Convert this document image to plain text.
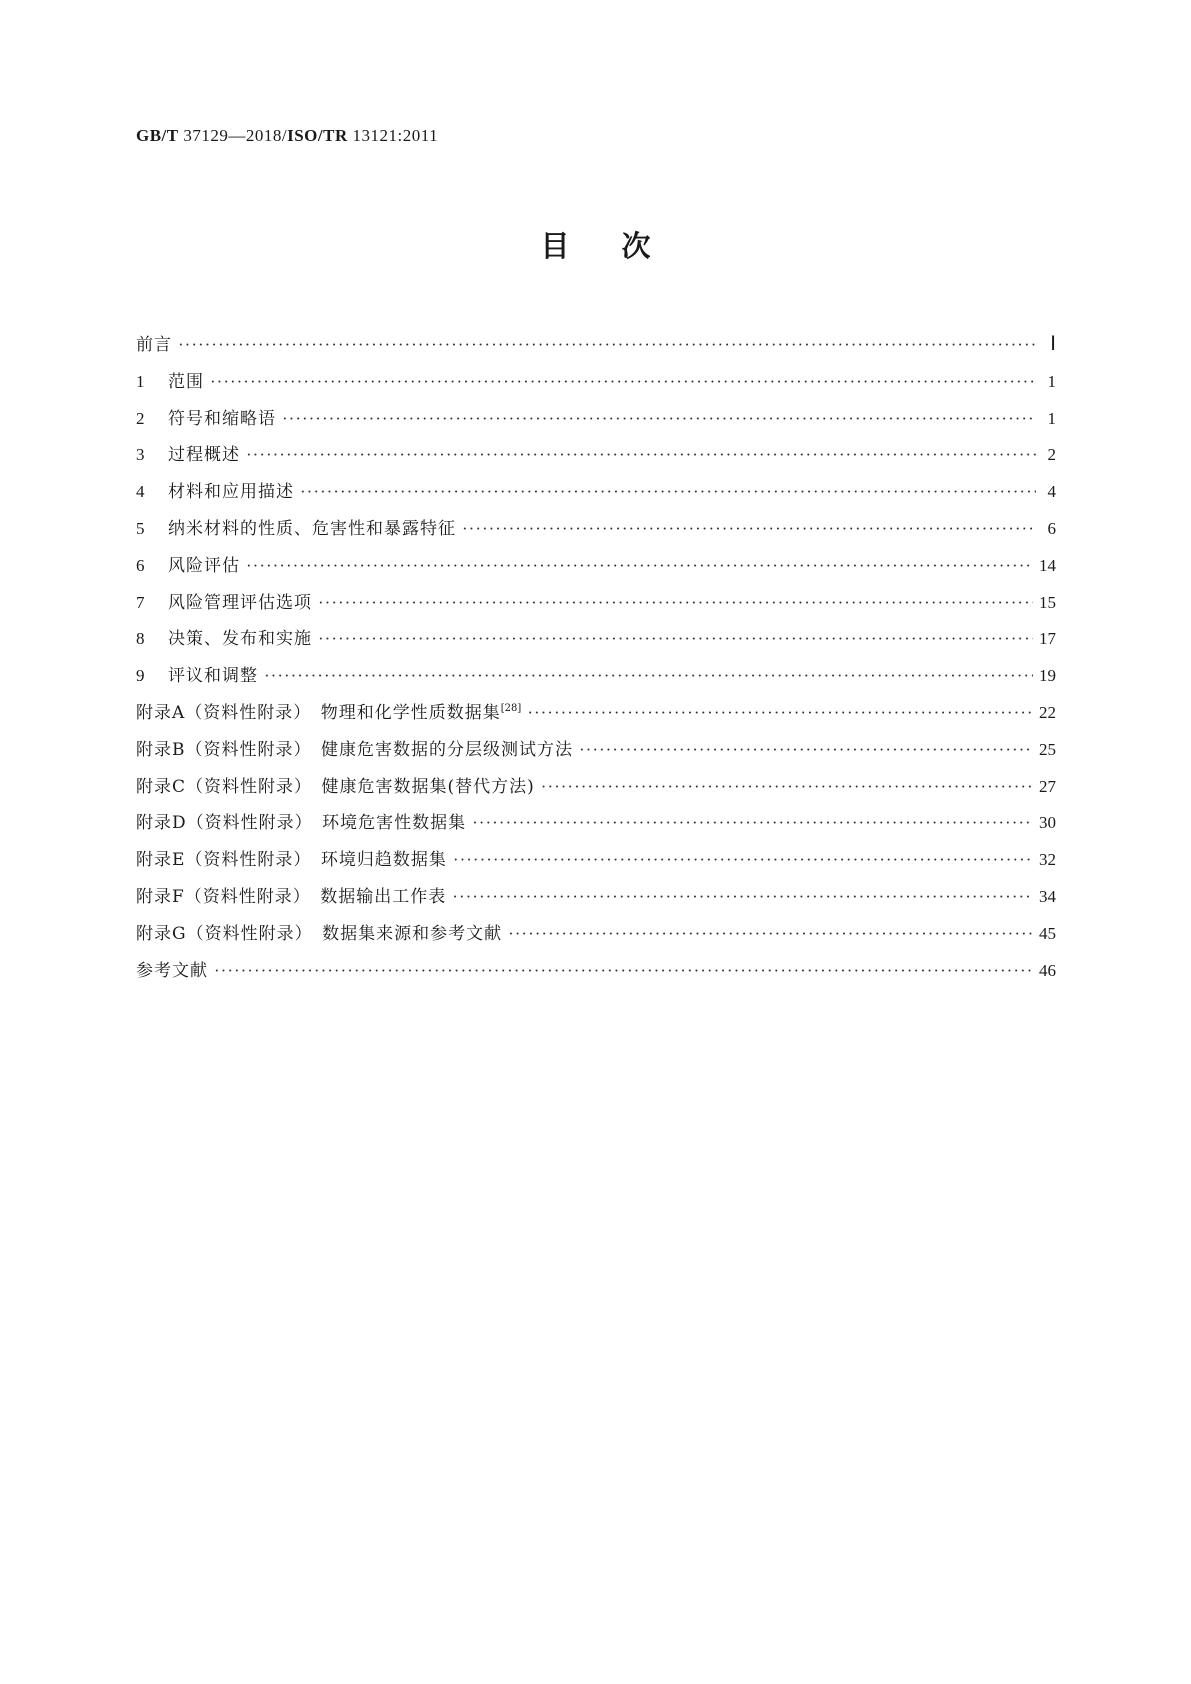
GB/T 37129—2018/ISO/TR 13121:2011
目 次
前言 ·····	Ⅰ
1	范围 ·····	1
2	符号和缩略语 ·····	1
3	过程概述 ·····	2
4	材料和应用描述 ·····	4
5	纳米材料的性质、危害性和暴露特征 ·····	6
6	风险评估 ·····	14
7	风险管理评估选项 ·····	15
8	决策、发布和实施 ·····	17
9	评议和调整 ·····	19
附录A（资料性附录）　物理和化学性质数据集[28] ·····	22
附录B（资料性附录）　健康危害数据的分层级测试方法 ·····	25
附录C（资料性附录）　健康危害数据集(替代方法) ·····	27
附录D（资料性附录）　环境危害性数据集 ·····	30
附录E（资料性附录）　环境归趋数据集 ·····	32
附录F（资料性附录）　数据输出工作表 ·····	34
附录G（资料性附录）　数据集来源和参考文献 ·····	45
参考文献 ·····	46
